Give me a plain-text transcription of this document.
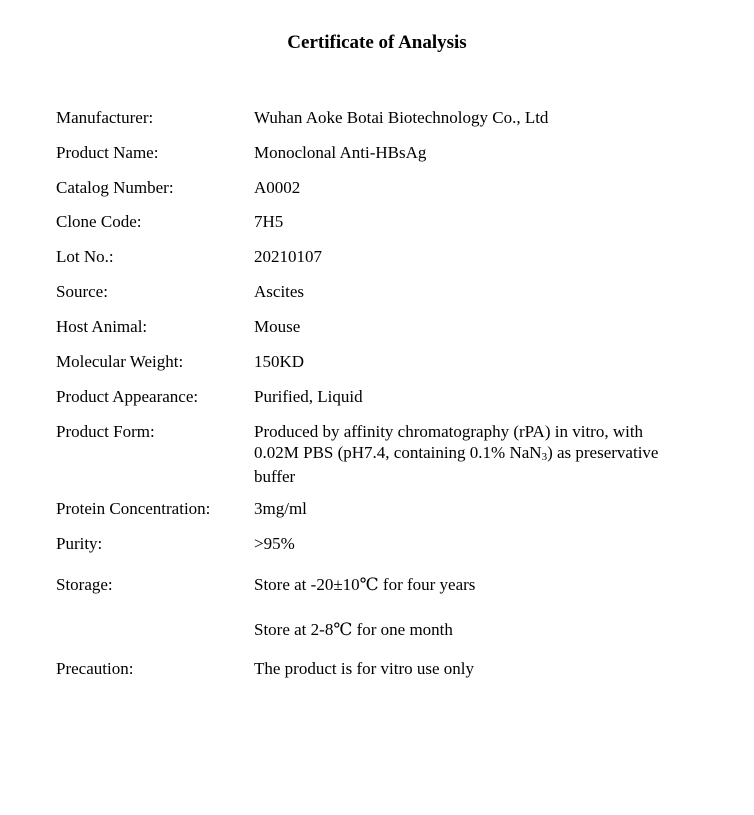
Certificate of Analysis
Manufacturer:	Wuhan Aoke Botai Biotechnology Co., Ltd
Product Name:	Monoclonal Anti-HBsAg
Catalog Number:	A0002
Clone Code:	7H5
Lot No.:	20210107
Source:	Ascites
Host Animal:	Mouse
Molecular Weight:	150KD
Product Appearance:	Purified, Liquid
Product Form:	Produced by affinity chromatography (rPA) in vitro, with
0.02M PBS (pH7.4, containing 0.1% NaN$_3$) as preservative
buffer
Protein Concentration:	3mg/ml
Purity:	>95%
Storage:	Store at -20±10℃ for four years
Store at 2-8℃ for one month
Precaution:	The product is for vitro use only
